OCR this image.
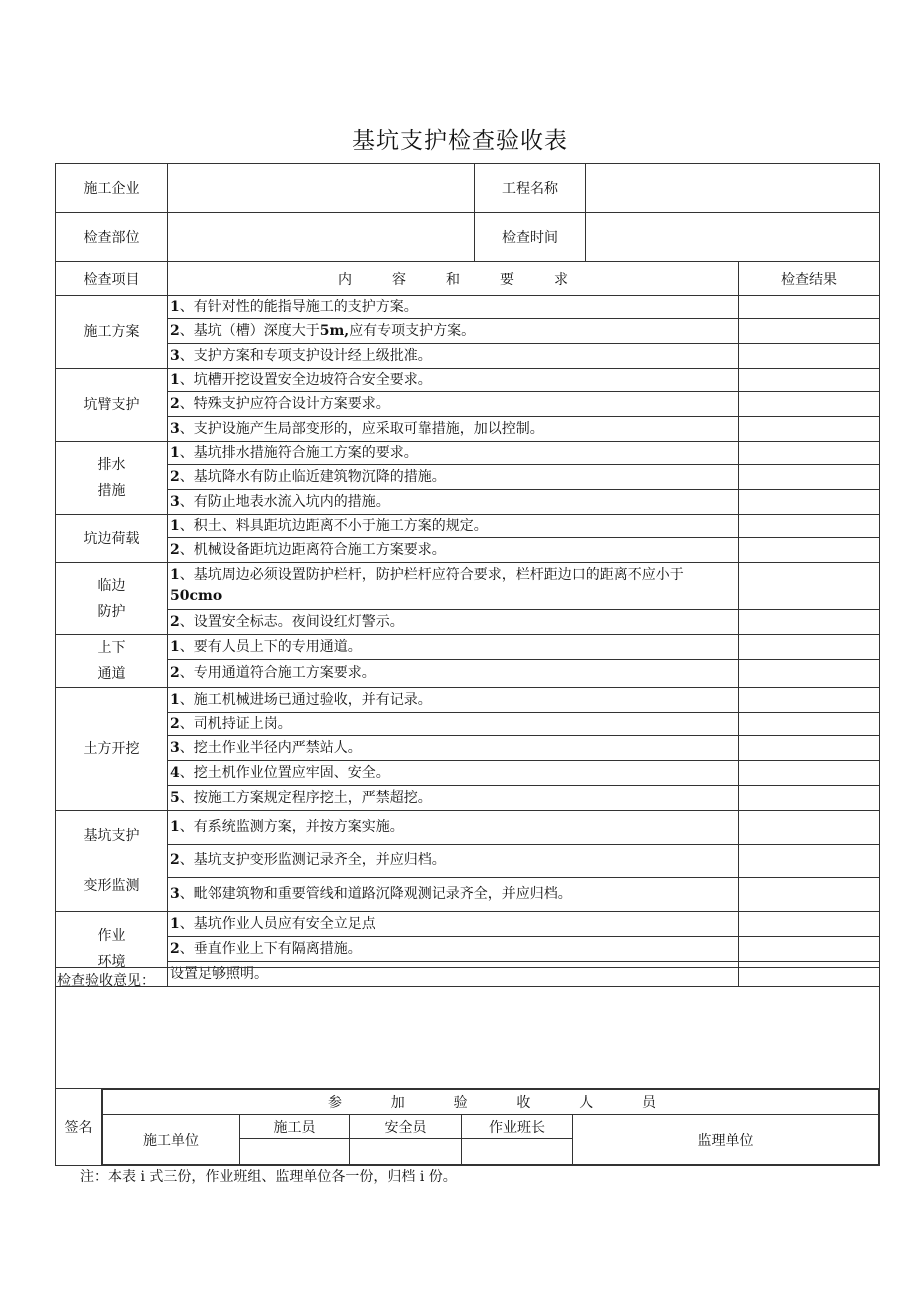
基坑支护检查验收表
施工企业		工程名称		
检查部位		检查时间		
检查项目	内 容 和 要 求			检查结果

施工方案	1、有针对性的能指导施工的支护方案。			
	2、基坑（槽）深度大于5m,应有专项支护方案。			
	3、支护方案和专项支护设计经上级批准。			

坑臂支护	1、坑槽开挖设置安全边坡符合安全要求。			
	2、特殊支护应符合设计方案要求。			
	3、支护设施产生局部变形的，应采取可靠措施，加以控制。			

排水
措施	1、基坑排水措施符合施工方案的要求。			
	2、基坑降水有防止临近建筑物沉降的措施。			
	3、有防止地表水流入坑内的措施。			

坑边荷载	1、积土、料具距坑边距离不小于施工方案的规定。			
	2、机械设备距坑边距离符合施工方案要求。			

临边
防护	1、基坑周边必须设置防护栏杆，防护栏杆应符合要求，栏杆距边口的距离不应小于
50cmo			
	2、设置安全标志。夜间设红灯警示。			

上下
通道	1、要有人员上下的专用通道。			
	2、专用通道符合施工方案要求。			

土方开挖	1、施工机械进场已通过验收，并有记录。			
	2、司机持证上岗。			
	3、挖土作业半径内严禁站人。			
	4、挖土机作业位置应牢固、安全。			
	5、按施工方案规定程序挖土，严禁超挖。			

基坑支护
变形监测	1、有系统监测方案，并按方案实施。			
	2、基坑支护变形监测记录齐全，并应归档。			
	3、毗邻建筑物和重要管线和道路沉降观测记录齐全，并应归档。			

作业
环境	1、基坑作业人员应有安全立足点			
	2、垂直作业上下有隔离措施。			
	设置足够照明。			
检查验收意见：

签名	
参	加	验	收	人	员

施工单位	施工员	安全员	作业班长	监理单位

注：本表 i 式三份，作业班组、监理单位各一份，归档 i 份。
